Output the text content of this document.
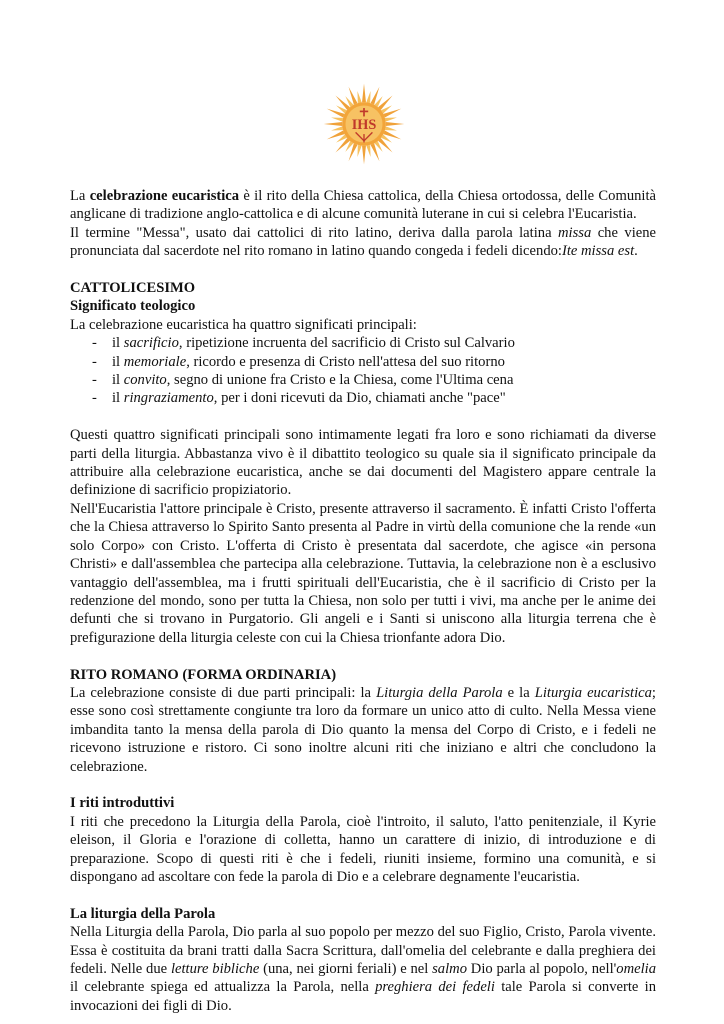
IHS

La celebrazione eucaristica è il rito della Chiesa cattolica, della Chiesa ortodossa, delle Comunità anglicane di tradizione anglo-cattolica e di alcune comunità luterane in cui si celebra l'Eucaristia.

Il termine "Messa", usato dai cattolici di rito latino, deriva dalla parola latina missa che viene pronunciata dal sacerdote nel rito romano in latino quando congeda i fedeli dicendo:Ite missa est.

CATTOLICESIMO
Significato teologico

La celebrazione eucaristica ha quattro significati principali:

- il sacrificio, ripetizione incruenta del sacrificio di Cristo sul Calvario
- il memoriale, ricordo e presenza di Cristo nell'attesa del suo ritorno
- il convito, segno di unione fra Cristo e la Chiesa, come l'Ultima cena
- il ringraziamento, per i doni ricevuti da Dio, chiamati anche "pace"

Questi quattro significati principali sono intimamente legati fra loro e sono richiamati da diverse parti della liturgia. Abbastanza vivo è il dibattito teologico su quale sia il significato principale da attribuire alla celebrazione eucaristica, anche se dai documenti del Magistero appare centrale la definizione di sacrificio propiziatorio.

Nell'Eucaristia l'attore principale è Cristo, presente attraverso il sacramento. È infatti Cristo l'offerta che la Chiesa attraverso lo Spirito Santo presenta al Padre in virtù della comunione che la rende «un solo Corpo» con Cristo. L'offerta di Cristo è presentata dal sacerdote, che agisce «in persona Christi» e dall'assemblea che partecipa alla celebrazione. Tuttavia, la celebrazione non è a esclusivo vantaggio dell'assemblea, ma i frutti spirituali dell'Eucaristia, che è il sacrificio di Cristo per la redenzione del mondo, sono per tutta la Chiesa, non solo per tutti i vivi, ma anche per le anime dei defunti che si trovano in Purgatorio. Gli angeli e i Santi si uniscono alla liturgia terrena che è prefigurazione della liturgia celeste con cui la Chiesa trionfante adora Dio.

RITO ROMANO (FORMA ORDINARIA)

La celebrazione consiste di due parti principali: la Liturgia della Parola e la Liturgia eucaristica; esse sono così strettamente congiunte tra loro da formare un unico atto di culto. Nella Messa viene imbandita tanto la mensa della parola di Dio quanto la mensa del Corpo di Cristo, e i fedeli ne ricevono istruzione e ristoro. Ci sono inoltre alcuni riti che iniziano e altri che concludono la celebrazione.

I riti introduttivi

I riti che precedono la Liturgia della Parola, cioè l'introito, il saluto, l'atto penitenziale, il Kyrie eleison, il Gloria e l'orazione di colletta, hanno un carattere di inizio, di introduzione e di preparazione. Scopo di questi riti è che i fedeli, riuniti insieme, formino una comunità, e si dispongano ad ascoltare con fede la parola di Dio e a celebrare degnamente l'eucaristia.

La liturgia della Parola

Nella Liturgia della Parola, Dio parla al suo popolo per mezzo del suo Figlio, Cristo, Parola vivente. Essa è costituita da brani tratti dalla Sacra Scrittura, dall'omelia del celebrante e dalla preghiera dei fedeli. Nelle due letture bibliche (una, nei giorni feriali) e nel salmo Dio parla al popolo, nell'omelia il celebrante spiega ed attualizza la Parola, nella preghiera dei fedeli tale Parola si converte in invocazioni dei figli di Dio.
